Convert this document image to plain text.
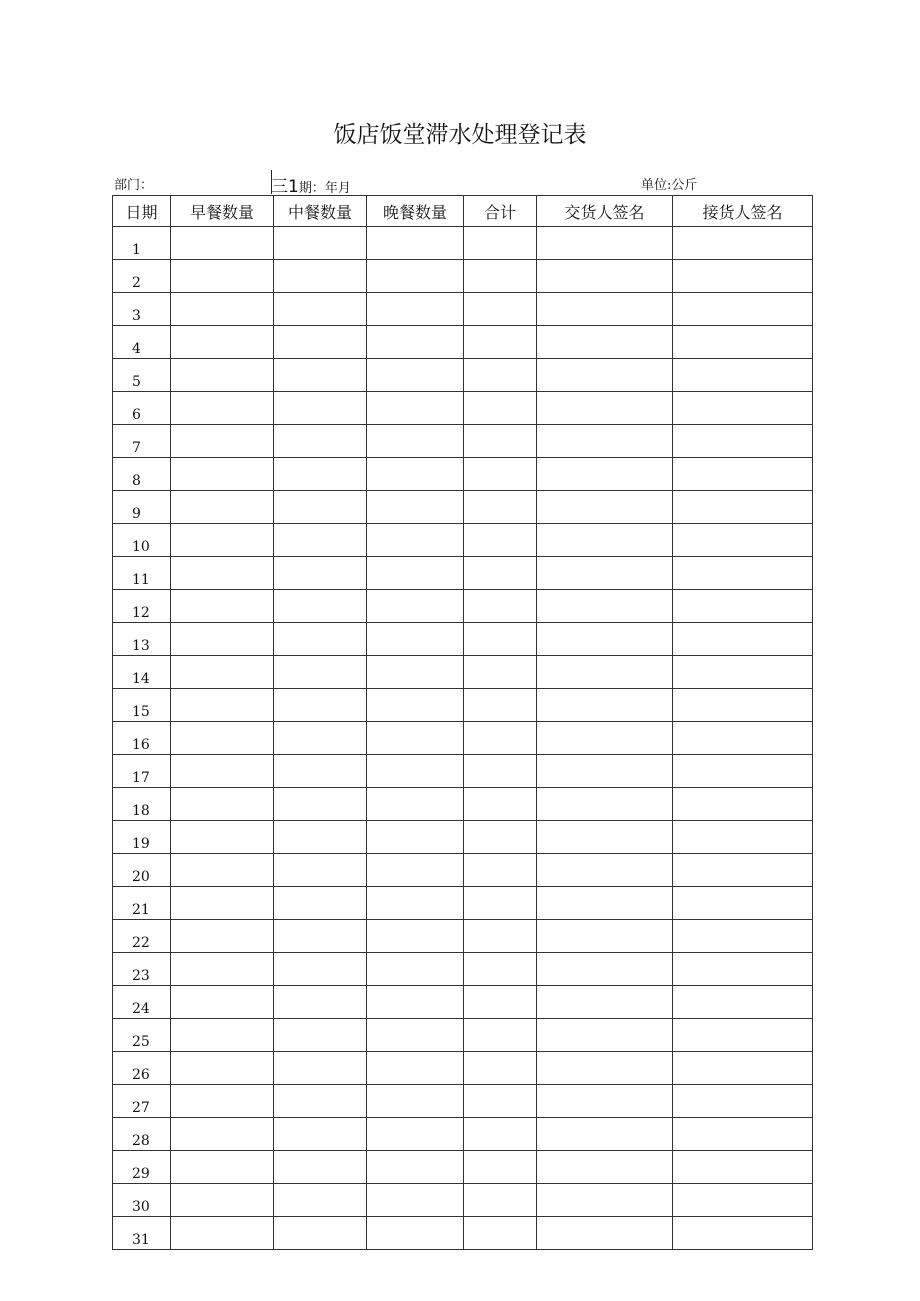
饭店饭堂滞水处理登记表
部门：	三1期：年月	单位:公斤
日期	早餐数量	中餐数量	晚餐数量	合计	交货人签名	接货人签名
1						
2						
3						
4						
5						
6						
7						
8						
9						
10						
11						
12						
13						
14						
15						
16						
17						
18						
19						
20						
21						
22						
23						
24						
25						
26						
27						
28						
29						
30						
31						
